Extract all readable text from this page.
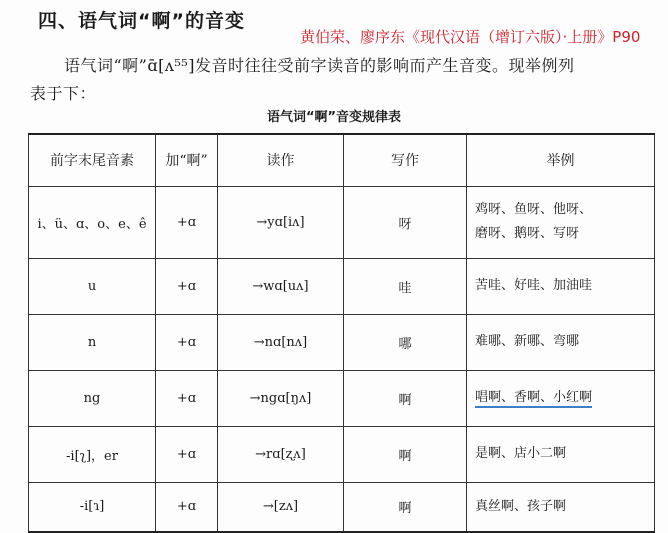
四、语气词“啊”的音变
黄伯荣、廖序东《现代汉语（增订六版）·上册》P90
语气词“啊”ɑ̄[ʌ⁵⁵]发音时往往受前字读音的影响而产生音变。现举例列
表于下：
语气词“啊”音变规律表
前字末尾音素	加“啊”	读作	写作	举例
i、ü、ɑ、o、e、ê	+ɑ	→yɑ[iʌ]	呀	鸡呀、鱼呀、他呀、
磨呀、鹅呀、写呀
u	+ɑ	→wɑ[uʌ]	哇	苦哇、好哇、加油哇
n	+ɑ	→nɑ[nʌ]	哪	难哪、新哪、弯哪
ng	+ɑ	→ngɑ[ŋʌ]	啊	唱啊、香啊、小红啊
-i[ʅ]，er	+ɑ	→rɑ[ʐʌ]	啊	是啊、店小二啊
-i[ɿ]	+ɑ	→[zʌ]	啊	真丝啊、孩子啊
